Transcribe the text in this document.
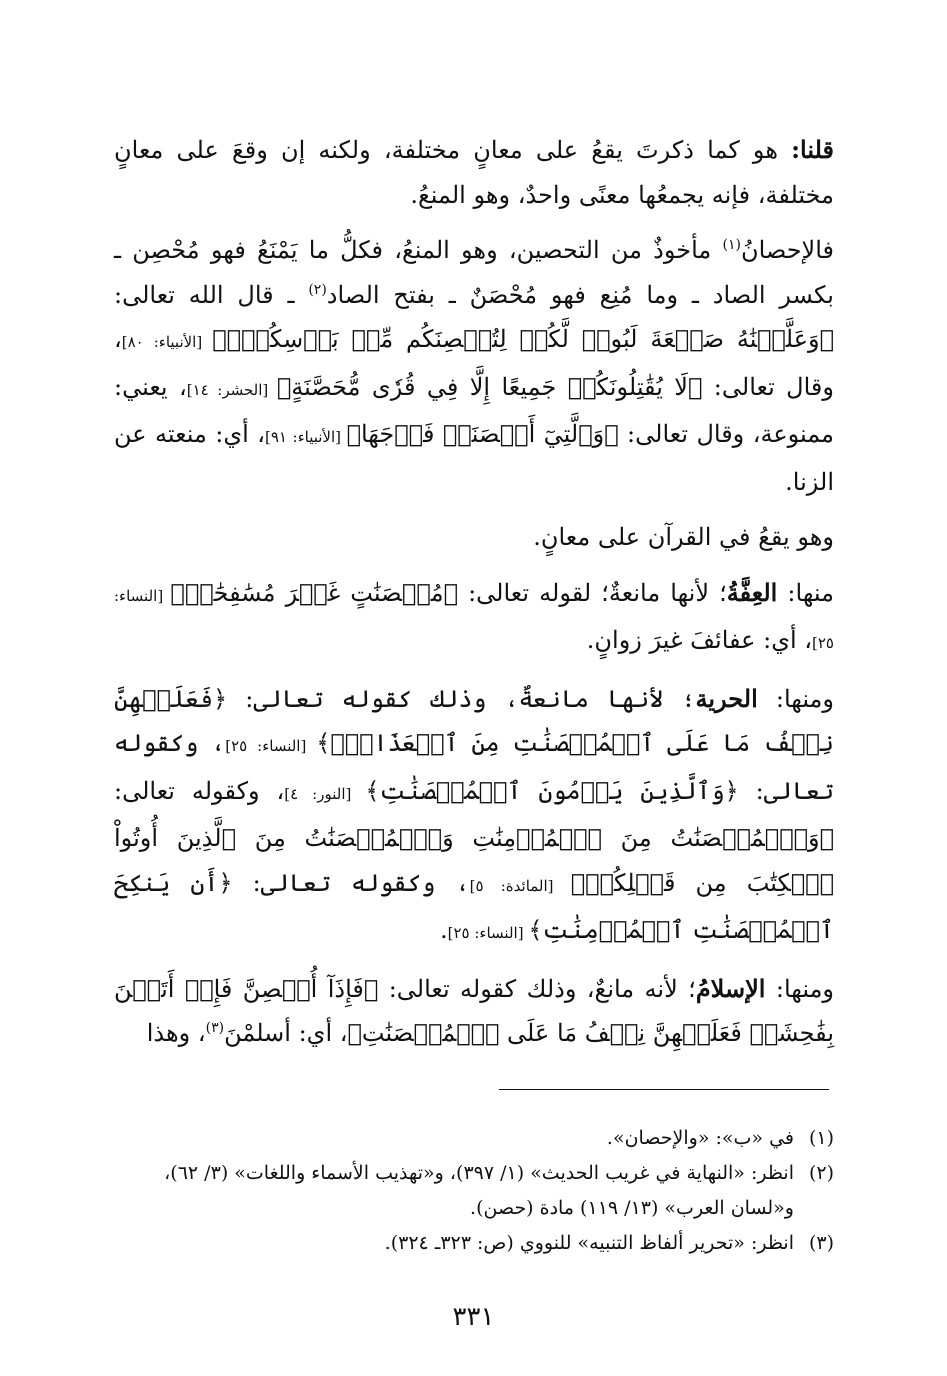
قلنا: هو كما ذكرتَ يقعُ على معانٍ مختلفة، ولكنه إن وقعَ على معانٍ مختلفة، فإنه يجمعُها معنًى واحدٌ، وهو المنعُ.

فالإحصانُ$^{(١)}$ مأخوذٌ من التحصين، وهو المنعُ، فكلُّ ما يَمْنَعُ فهو مُحْصِن ـ بكسر الصاد ـ وما مُنِع فهو مُحْصَنٌ ـ بفتح الصاد$^{(٢)}$ ـ قال الله تعالى: ﴿وَعَلَّمۡنَٰهُ صَنۡعَةَ لَبُوسٖ لَّكُمۡ لِتُحۡصِنَكُم مِّنۢ بَأۡسِكُمۡۖ﴾ [الأنبياء: ٨٠]، وقال تعالى: ﴿لَا يُقَٰتِلُونَكُمۡ جَمِيعًا إِلَّا فِي قُرٗى مُّحَصَّنَةٍ﴾ [الحشر: ١٤]، يعني: ممنوعة، وقال تعالى: ﴿وَٱلَّتِيٓ أَحۡصَنَتۡ فَرۡجَهَا﴾ [الأنبياء: ٩١]، أي: منعته عن الزنا.

وهو يقعُ في القرآن على معانٍ.

منها: العِفَّةُ؛ لأنها مانعةٌ؛ لقوله تعالى: ﴿مُحۡصَنَٰتٍ غَيۡرَ مُسَٰفِحَٰتٖ﴾ [النساء: ٢٥]، أي: عفائفَ غيرَ زوانٍ.

ومنها: الحرية؛ لأنها مانعةٌ، وذلك كقوله تعالى: ﴿فَعَلَيۡهِنَّ نِصۡفُ مَا عَلَى ٱلۡمُحۡصَنَٰتِ مِنَ ٱلۡعَذَابِۚ﴾ [النساء: ٢٥]، وكقوله تعالى: ﴿وَٱلَّذِينَ يَرۡمُونَ ٱلۡمُحۡصَنَٰتِ﴾ [النور: ٤]، وكقوله تعالى: ﴿وَٱلۡمُحۡصَنَٰتُ مِنَ ٱلۡمُؤۡمِنَٰتِ وَٱلۡمُحۡصَنَٰتُ مِنَ ٱلَّذِينَ أُوتُواْ ٱلۡكِتَٰبَ مِن قَبۡلِكُمۡ﴾ [المائدة: ٥]، وكقوله تعالى: ﴿أَن يَنكِحَ ٱلۡمُحۡصَنَٰتِ ٱلۡمُؤۡمِنَٰتِ﴾ [النساء: ٢٥].

ومنها: الإسلامُ؛ لأنه مانعٌ، وذلك كقوله تعالى: ﴿فَإِذَآ أُحۡصِنَّ فَإِنۡ أَتَيۡنَ بِفَٰحِشَةٖ فَعَلَيۡهِنَّ نِصۡفُ مَا عَلَى ٱلۡمُحۡصَنَٰتِ﴾، أي: أسلمْنَ$^{(٣)}$، وهذا

(١)
في «ب»: «والإحصان».
(٢)
انظر: «النهاية في غريب الحديث» (١/ ٣٩٧)، و«تهذيب الأسماء واللغات» (٣/ ٦٢)، و«لسان العرب» (١٣/ ١١٩) مادة (حصن).
(٣)
انظر: «تحرير ألفاظ التنبيه» للنووي (ص: ٣٢٣ـ ٣٢٤).
٣٣١
